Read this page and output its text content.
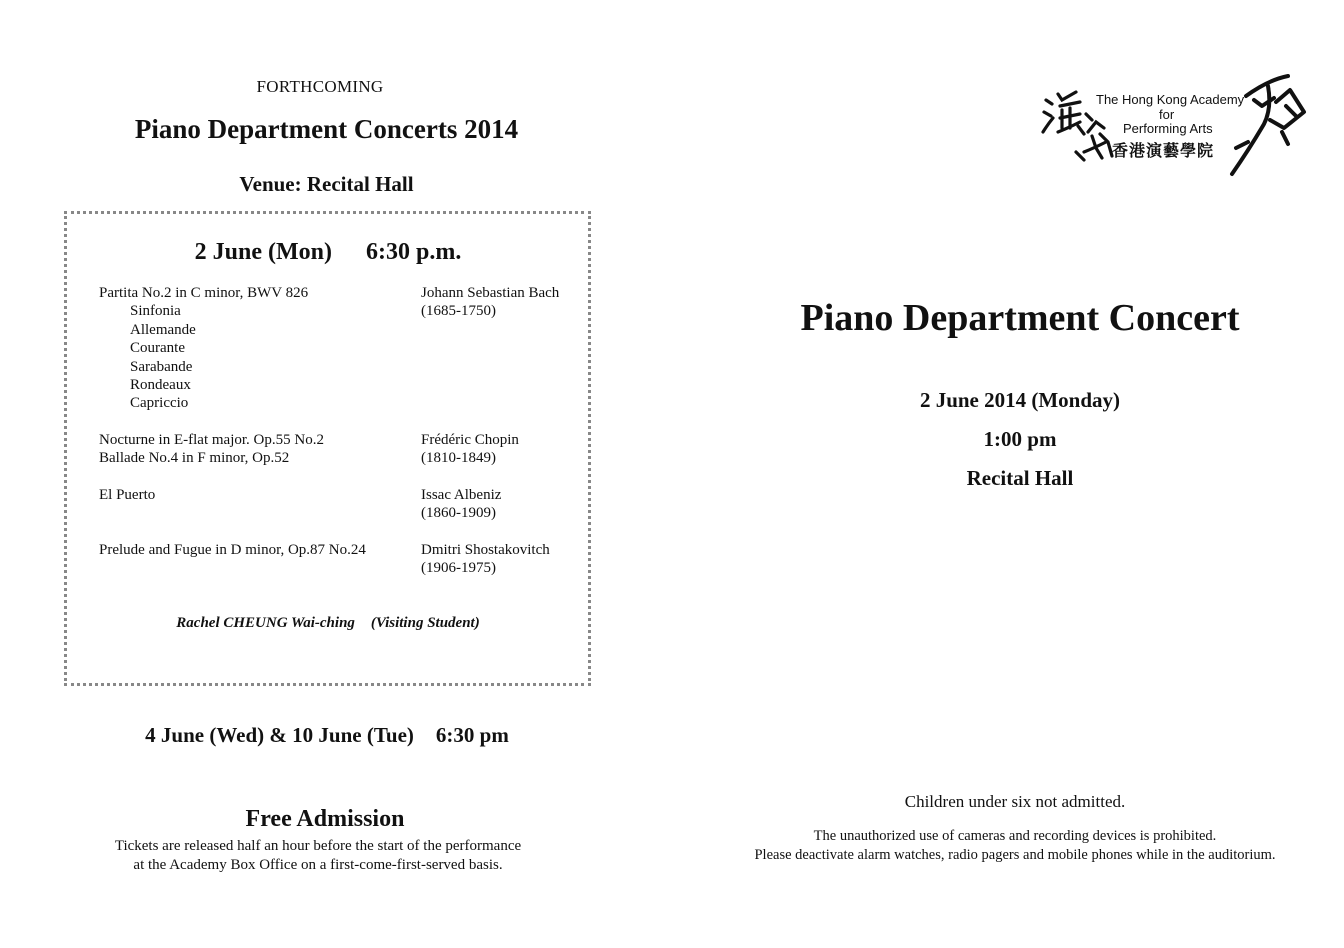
FORTHCOMING
Piano Department Concerts 2014
Venue: Recital Hall
2 June (Mon) 6:30 p.m.
Partita No.2 in C minor, BWV 826
Sinfonia
Allemande
Courante
Sarabande
Rondeaux
Capriccio
Johann Sebastian Bach
(1685-1750)
Nocturne in E-flat major. Op.55 No.2
Ballade No.4 in F minor, Op.52
Frédéric Chopin
(1810-1849)
El Puerto	Issac Albeniz
(1860-1909)
Prelude and Fugue in D minor, Op.87 No.24	Dmitri Shostakovitch
(1906-1975)
Rachel CHEUNG Wai-ching (Visiting Student)
4 June (Wed) & 10 June (Tue) 6:30 pm
Free Admission
Tickets are released half an hour before the start of the performance
at the Academy Box Office on a first-come-first-served basis.
The Hong Kong Academy
for
Performing Arts
香港演藝學院
Piano Department Concert
2 June 2014 (Monday)
1:00 pm
Recital Hall
Children under six not admitted.
The unauthorized use of cameras and recording devices is prohibited.
Please deactivate alarm watches, radio pagers and mobile phones while in the auditorium.
